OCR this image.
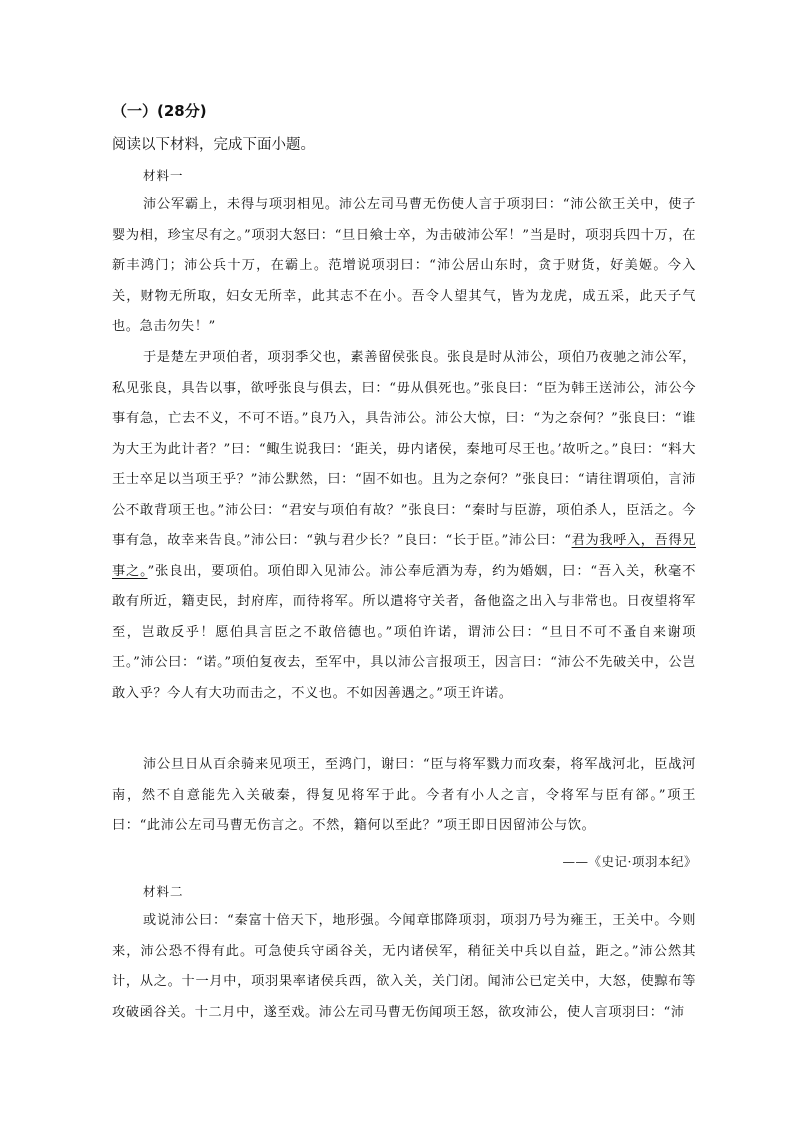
（一）(28分)
阅读以下材料，完成下面小题。
材料一

沛公军霸上，未得与项羽相见。沛公左司马曹无伤使人言于项羽曰：“沛公欲王关中，使子婴为相，珍宝尽有之。”项羽大怒曰：“旦日飨士卒，为击破沛公军！”当是时，项羽兵四十万，在新丰鸿门；沛公兵十万，在霸上。范增说项羽曰：“沛公居山东时，贪于财货，好美姬。今入关，财物无所取，妇女无所幸，此其志不在小。吾令人望其气，皆为龙虎，成五采，此天子气也。急击勿失！”

于是楚左尹项伯者，项羽季父也，素善留侯张良。张良是时从沛公，项伯乃夜驰之沛公军，私见张良，具告以事，欲呼张良与俱去，曰：“毋从俱死也。”张良曰：“臣为韩王送沛公，沛公今事有急，亡去不义，不可不语。”良乃入，具告沛公。沛公大惊，曰：“为之奈何？”张良曰：“谁为大王为此计者？”曰：“鲰生说我曰：‘距关，毋内诸侯，秦地可尽王也。’故听之。”良曰：“料大王士卒足以当项王乎？”沛公默然，曰：“固不如也。且为之奈何？”张良曰：“请往谓项伯，言沛公不敢背项王也。”沛公曰：“君安与项伯有故？”张良曰：“秦时与臣游，项伯杀人，臣活之。今事有急，故幸来告良。”沛公曰：“孰与君少长？”良曰：“长于臣。”沛公曰：“君为我呼入，吾得兄事之。”张良出，要项伯。项伯即入见沛公。沛公奉卮酒为寿，约为婚姻，曰：“吾入关，秋毫不敢有所近，籍吏民，封府库，而待将军。所以遣将守关者，备他盗之出入与非常也。日夜望将军至，岂敢反乎！愿伯具言臣之不敢倍德也。”项伯许诺，谓沛公曰：“旦日不可不蚤自来谢项王。”沛公曰：“诺。”项伯复夜去，至军中，具以沛公言报项王，因言曰：“沛公不先破关中，公岂敢入乎？今人有大功而击之，不义也。不如因善遇之。”项王许诺。

沛公旦日从百余骑来见项王，至鸿门，谢曰：“臣与将军戮力而攻秦，将军战河北，臣战河南，然不自意能先入关破秦，得复见将军于此。今者有小人之言，令将军与臣有郤。”项王曰：“此沛公左司马曹无伤言之。不然，籍何以至此？”项王即日因留沛公与饮。

——《史记·项羽本纪》
材料二

或说沛公曰：“秦富十倍天下，地形强。今闻章邯降项羽，项羽乃号为雍王，王关中。今则来，沛公恐不得有此。可急使兵守函谷关，无内诸侯军，稍征关中兵以自益，距之。”沛公然其计，从之。十一月中，项羽果率诸侯兵西，欲入关，关门闭。闻沛公已定关中，大怒，使黥布等攻破函谷关。十二月中，遂至戏。沛公左司马曹无伤闻项王怒，欲攻沛公，使人言项羽曰：“沛
